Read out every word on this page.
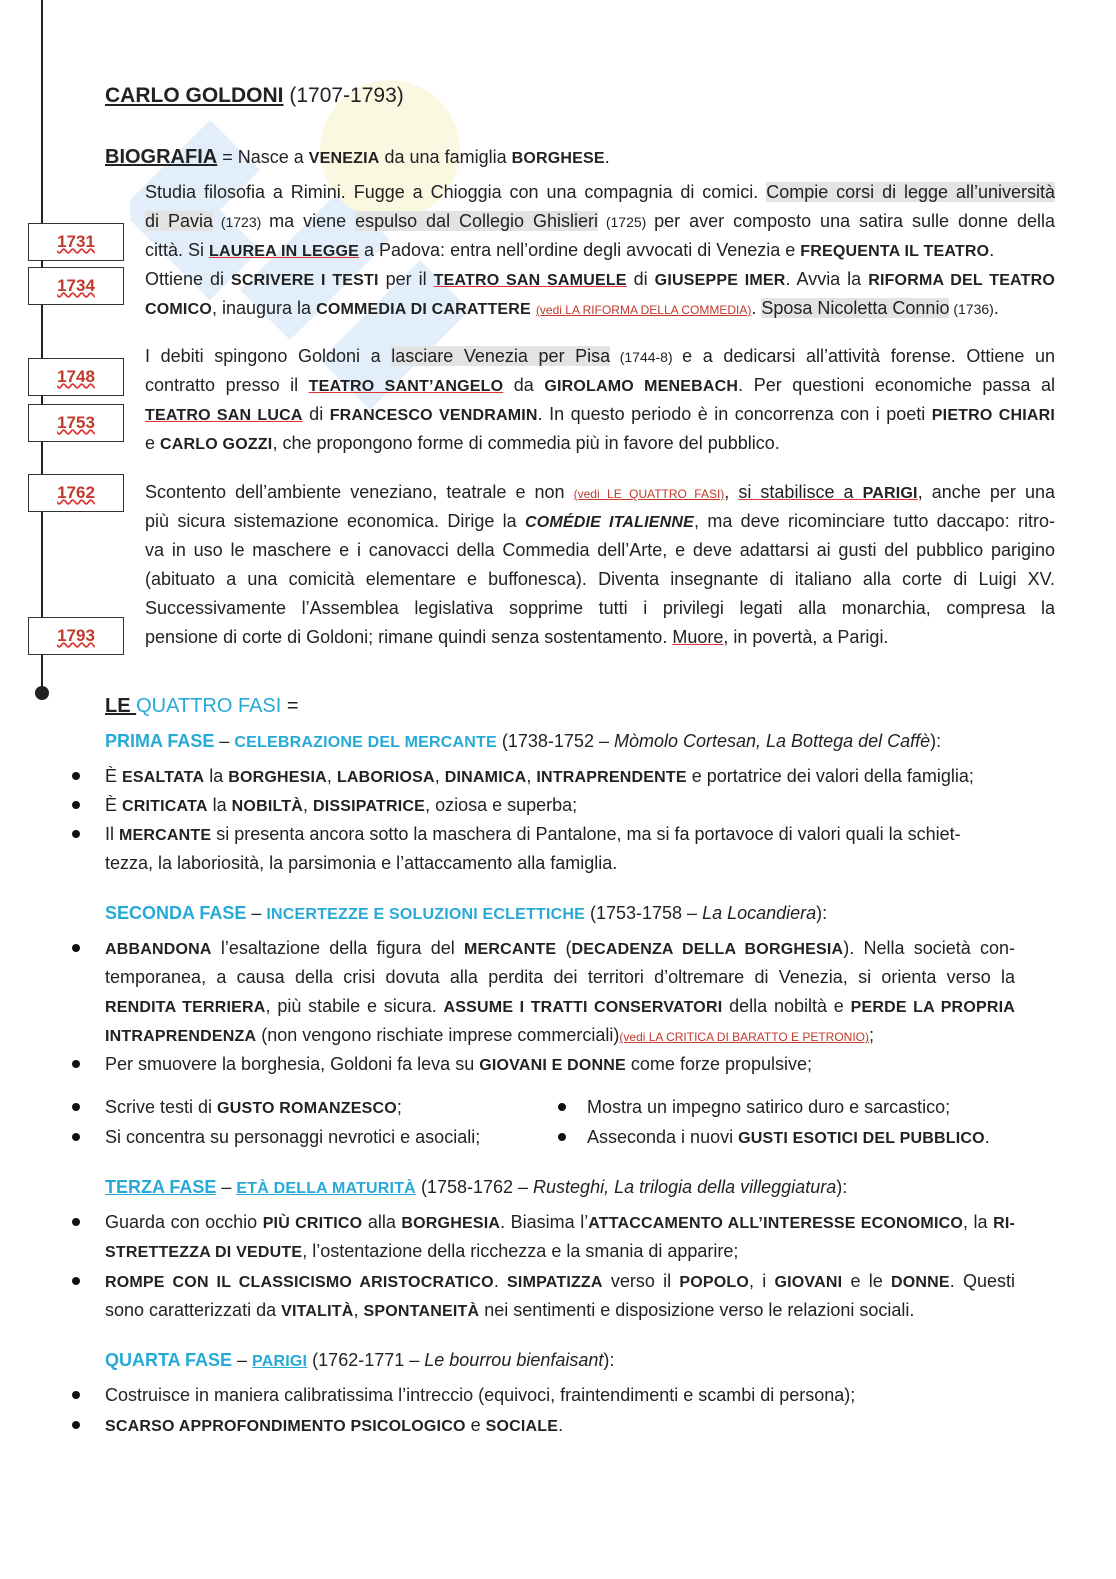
1731
1734
1748
1753
1762
1793
CARLO GOLDONI (1707-1793)
BIOGRAFIA = Nasce a VENEZIA da una famiglia BORGHESE.
Studia filosofia a Rimini. Fugge a Chioggia con una compagnia di comici. Compie corsi di legge all’università
di Pavia (1723) ma viene espulso dal Collegio Ghislieri (1725) per aver composto una satira sulle donne della
città. Si LAUREA IN LEGGE a Padova: entra nell’ordine degli avvocati di Venezia e FREQUENTA IL TEATRO.
Ottiene di SCRIVERE I TESTI per il TEATRO SAN SAMUELE di GIUSEPPE IMER. Avvia la RIFORMA DEL TEATRO
COMICO, inaugura la COMMEDIA DI CARATTERE (vedi LA RIFORMA DELLA COMMEDIA). Sposa Nicoletta Connio (1736).
I debiti spingono Goldoni a lasciare Venezia per Pisa (1744-8) e a dedicarsi all’attività forense. Ottiene un
contratto presso il TEATRO SANT’ANGELO da GIROLAMO MENEBACH. Per questioni economiche passa al
TEATRO SAN LUCA di FRANCESCO VENDRAMIN. In questo periodo è in concorrenza con i poeti PIETRO CHIARI
e CARLO GOZZI, che propongono forme di commedia più in favore del pubblico.
Scontento dell’ambiente veneziano, teatrale e non (vedi LE QUATTRO FASI), si stabilisce a PARIGI, anche per una
più sicura sistemazione economica. Dirige la COMÉDIE ITALIENNE, ma deve ricominciare tutto daccapo: ritro-
va in uso le maschere e i canovacci della Commedia dell’Arte, e deve adattarsi ai gusti del pubblico parigino
(abituato a una comicità elementare e buffonesca). Diventa insegnante di italiano alla corte di Luigi XV.
Successivamente l’Assemblea legislativa sopprime tutti i privilegi legati alla monarchia, compresa la
pensione di corte di Goldoni; rimane quindi senza sostentamento. Muore, in povertà, a Parigi.
LE QUATTRO FASI =
PRIMA FASE – CELEBRAZIONE DEL MERCANTE (1738-1752 – Mòmolo Cortesan, La Bottega del Caffè):
È ESALTATA la BORGHESIA, LABORIOSA, DINAMICA, INTRAPRENDENTE e portatrice dei valori della famiglia;
È CRITICATA la NOBILTÀ, DISSIPATRICE, oziosa e superba;
Il MERCANTE si presenta ancora sotto la maschera di Pantalone, ma si fa portavoce di valori quali la schiet-
tezza, la laboriosità, la parsimonia e l’attaccamento alla famiglia.
SECONDA FASE – INCERTEZZE E SOLUZIONI ECLETTICHE (1753-1758 – La Locandiera):
ABBANDONA l’esaltazione della figura del MERCANTE (DECADENZA DELLA BORGHESIA). Nella società con-
temporanea, a causa della crisi dovuta alla perdita dei territori d’oltremare di Venezia, si orienta verso la
RENDITA TERRIERA, più stabile e sicura. ASSUME I TRATTI CONSERVATORI della nobiltà e PERDE LA PROPRIA
INTRAPRENDENZA (non vengono rischiate imprese commerciali)(vedi LA CRITICA DI BARATTO E PETRONIO);
Per smuovere la borghesia, Goldoni fa leva su GIOVANI E DONNE come forze propulsive;
Scrive testi di GUSTO ROMANZESCO;
Si concentra su personaggi nevrotici e asociali;
Mostra un impegno satirico duro e sarcastico;
Asseconda i nuovi GUSTI ESOTICI DEL PUBBLICO.
TERZA FASE – ETÀ DELLA MATURITÀ (1758-1762 – Rusteghi, La trilogia della villeggiatura):
Guarda con occhio PIÙ CRITICO alla BORGHESIA. Biasima l’ATTACCAMENTO ALL’INTERESSE ECONOMICO, la RI-
STRETTEZZA DI VEDUTE, l’ostentazione della ricchezza e la smania di apparire;
ROMPE CON IL CLASSICISMO ARISTOCRATICO. SIMPATIZZA verso il POPOLO, i GIOVANI e le DONNE. Questi
sono caratterizzati da VITALITÀ, SPONTANEITÀ nei sentimenti e disposizione verso le relazioni sociali.
QUARTA FASE – PARIGI (1762-1771 – Le bourrou bienfaisant):
Costruisce in maniera calibratissima l’intreccio (equivoci, fraintendimenti e scambi di persona);
SCARSO APPROFONDIMENTO PSICOLOGICO e SOCIALE.
